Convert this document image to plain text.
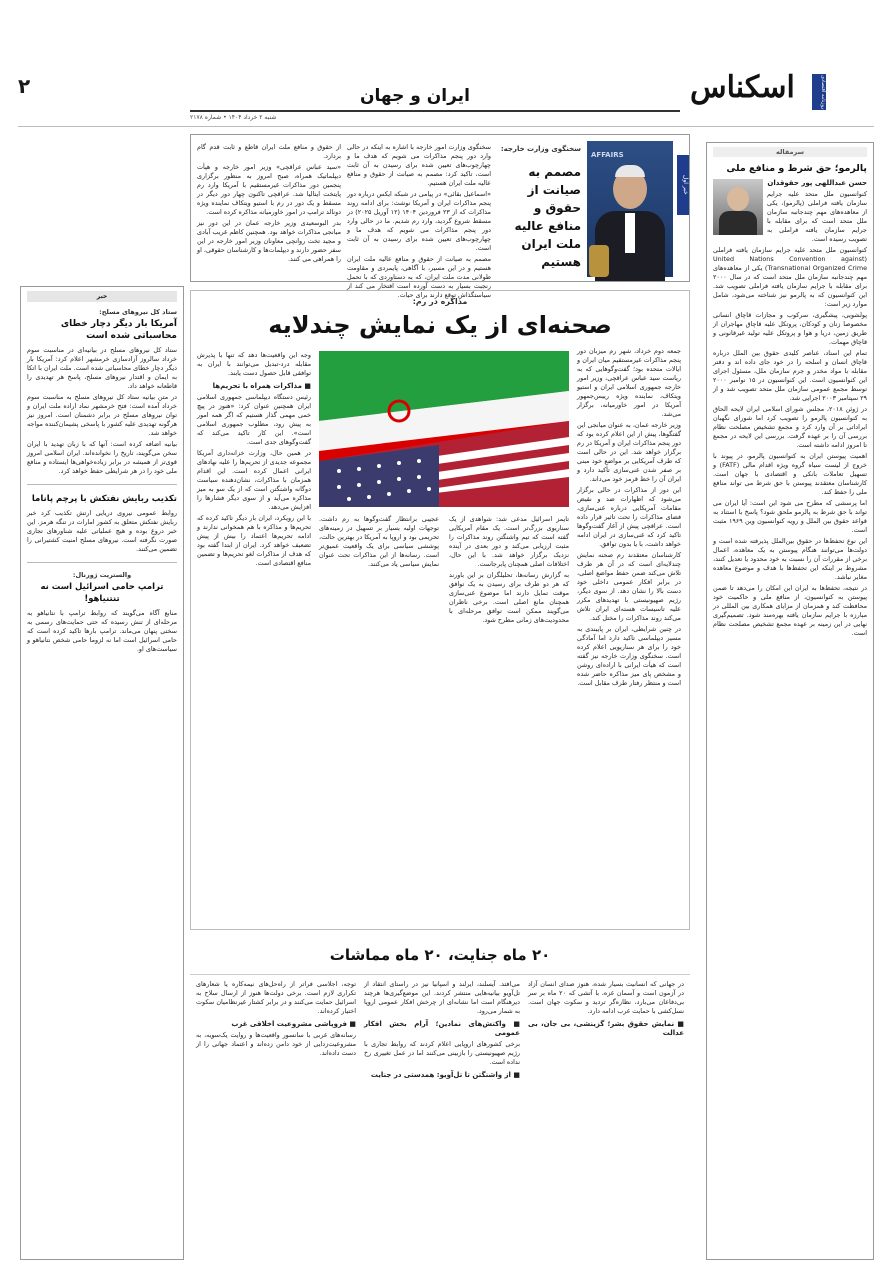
۲	اسکناس	روزنامه اقتصادی
ایران و جهان
شنبه ۲ خرداد ۱۴۰۴ • شماره ۲۱۷۸
سرمقاله
پالرمو؛ حق شرط و منافع ملی
حسن عبداللهی پور حقوقدان
کنوانسیون ملل متحد علیه جرایم سازمان یافته فراملی (پالرمو)، یکی از معاهده‌های مهم چندجانبه سازمان ملل متحد است که برای مقابله با جرایم سازمان یافته فراملی به تصویب رسیده است.

کنوانسیون ملل متحد علیه جرایم سازمان یافته فراملی (United Nations Convention against Transnational Organized Crime) یکی از معاهده‌های مهم چندجانبه سازمان ملل متحد است که در سال ۲۰۰۰ برای مقابله با جرایم سازمان یافته فراملی تصویب شد. این کنوانسیون که به پالرمو نیز شناخته می‌شود، شامل موارد زیر است:

پولشویی، پیشگیری، سرکوب و مجازات قاچاق انسانی مخصوصا زنان و کودکان، پروتکل علیه قاچاق مهاجران از طریق زمین، دریا و هوا و پروتکل علیه تولید غیرقانونی و قاچاق مهمات.

تمام این اسناد، عناصر کلیدی حقوق بین الملل درباره قاچاق انسان و اسلحه را در خود جای داده اند و دفتر مقابله با مواد مخدر و جرم سازمان ملل، مسئول اجرای این کنوانسیون است. این کنوانسیون در ۱۵ نوامبر ۲۰۰۰ توسط مجمع عمومی سازمان ملل متحد تصویب شد و از ۲۹ سپتامبر ۲۰۰۳ اجرایی شد.

در ژوئن ۲۰۱۸، مجلس شورای اسلامی ایران لایحه الحاق به کنوانسیون پالرمو را تصویب کرد اما شورای نگهبان ایراداتی بر آن وارد کرد و مجمع تشخیص مصلحت نظام بررسی آن را بر عهده گرفت. بررسی این لایحه در مجمع تا امروز ادامه داشته است.

اهمیت پیوستن ایران به کنوانسیون پالرمو، در پیوند با خروج از لیست سیاه گروه ویژه اقدام مالی (FATF) و تسهیل تعاملات بانکی و اقتصادی با جهان است. کارشناسان معتقدند پیوستن با حق شرط می تواند منافع ملی را حفظ کند.

اما پرسشی که مطرح می شود این است: آیا ایران می تواند با حق شرط به پالرمو ملحق شود؟ پاسخ با استناد به قواعد حقوق بین الملل و رویه کنوانسیون وین ۱۹۶۹ مثبت است.

این نوع تحفظ‌ها در حقوق بین‌الملل پذیرفته شده است و دولت‌ها می‌توانند هنگام پیوستن به یک معاهده، اعمال برخی از مقررات آن را نسبت به خود محدود یا تعدیل کنند، مشروط بر اینکه این تحفظ‌ها با هدف و موضوع معاهده مغایر نباشد.

در نتیجه، تحفظ‌ها به ایران این امکان را می‌دهد تا ضمن پیوستن به کنوانسیون، از منافع ملی و حاکمیت خود محافظت کند و همزمان از مزایای همکاری بین المللی در مبارزه با جرایم سازمان یافته بهره‌مند شود. تصمیم‌گیری نهایی در این زمینه بر عهده مجمع تشخیص مصلحت نظام است.

خبر اول
AFFAIRS
سخنگوی وزارت خارجه:
مصمم به صیانت از حقوق و منافع عالیه ملت ایران هستیم

سخنگوی وزارت امور خارجه با اشاره به اینکه در حالی وارد دور پنجم مذاکرات می شویم که هدف ما و چهارچوب‌های تعیین شده برای رسیدن به آن ثابت است، تاکید کرد: مصمم به صیانت از حقوق و منافع عالیه ملت ایران هستیم.

«اسماعیل بقائی» در پیامی در شبکه ایکس درباره دور پنجم مذاکرات ایران و آمریکا نوشت: برای ادامه روند مذاکرات که از ۲۳ فروردین ۱۴۰۴ (۱۲ آوریل ۲۰۲۵) در مسقط شروع گردید، وارد رم شدیم. ما در حالی وارد دور پنجم مذاکرات می شویم که هدف ما و چهارچوب‌های تعیین شده برای رسیدن به آن ثابت است.

مصمم به صیانت از حقوق و منافع عالیه ملت ایران هستیم و در این مسیر، با آگاهی، پایمردی و مقاومت طولانی مدت ملت ایران، که به دستاوردی که با تحمل رنجبت بسیار به دست آورده است افتخار می کند از سیاستگذاش توقع دارند برای حیات.

از حقوق و منافع ملت ایران قاطع و ثابت قدم گام بردارد.

«سید عباس عراقچی» وزیر امور خارجه و هیأت دیپلماتیک همراه، صبح امروز به منظور برگزاری پنجمین دور مذاکرات غیرمستقیم با آمریکا وارد رم پایتخت ایتالیا شد. عراقچی تاکنون چهار دور دیگر در مسقط و یک دور در رم با استیو ویتکاف نماینده ویژه دونالد ترامپ در امور خاورمیانه مذاکره کرده است.

بدر البوسعیدی وزیر خارجه عمان در این دور نیز میانجی مذاکرات خواهد بود. همچنین کاظم غریب آبادی و مجید تخت روانچی معاونان وزیر امور خارجه در این سفر حضور دارند و دیپلمات‌ها و کارشناسان حقوقی، او را همراهی می کنند.

مذاکره در رم:
صحنه‌ای از یک نمایش چندلایه

جمعه دوم خرداد، شهر رم میزبان دور پنجم مذاکرات غیرمستقیم میان ایران و ایالات متحده بود؛ گفت‌وگوهایی که به ریاست سید عباس عراقچی، وزیر امور خارجه جمهوری اسلامی ایران و استیو ویتکاف، نماینده ویژه رییس‌جمهور آمریکا در امور خاورمیانه، برگزار می‌شد.

وزیر خارجه عمان، به عنوان میانجی این گفتگوها، پیش از این اعلام کرده بود که دور پنجم مذاکرات ایران و آمریکا در رم برگزار خواهد شد. این در حالی است که طرف آمریکایی بر مواضع خود مبنی بر صفر شدن غنی‌سازی تأکید دارد و ایران آن را خط قرمز خود می‌داند.

این دور از مذاکرات در حالی برگزار می‌شود که اظهارات ضد و نقیض مقامات آمریکایی درباره غنی‌سازی، فضای مذاکرات را تحت تاثیر قرار داده است. عراقچی پیش از آغاز گفت‌وگوها تاکید کرد که غنی‌سازی در ایران ادامه خواهد داشت، با یا بدون توافق.

کارشناسان معتقدند رم صحنه نمایش چندلایه‌ای است که در آن هر طرف تلاش می‌کند ضمن حفظ مواضع اصلی، در برابر افکار عمومی داخلی خود دست بالا را نشان دهد. از سوی دیگر، رژیم صهیونیستی با تهدیدهای مکرر علیه تاسیسات هسته‌ای ایران تلاش می‌کند روند مذاکرات را مختل کند.

در چنین شرایطی، ایران بر پایبندی به مسیر دیپلماسی تاکید دارد اما آمادگی خود را برای هر سناریویی اعلام کرده است. سخنگوی وزارت خارجه نیز گفته است که هیأت ایرانی با اراده‌ای روشن و مشخص پای میز مذاکره حاضر شده است و منتظر رفتار طرف مقابل است.

تایمز اسرائیل مدعی شد: شواهدی از یک سناریوی بزرگ‌تر است. یک مقام آمریکایی گفته است که تیم واشنگتن روند مذاکرات را مثبت ارزیابی می‌کند و دور بعدی در آینده نزدیک برگزار خواهد شد. با این حال، اختلافات اصلی همچنان پابرجاست.

به گزارش رسانه‌ها، تحلیلگران بر این باورند که هر دو طرف برای رسیدن به یک توافق موقت تمایل دارند اما موضوع غنی‌سازی همچنان مانع اصلی است. برخی ناظران می‌گویند ممکن است توافق مرحله‌ای با محدودیت‌های زمانی مطرح شود.

عجیبی برانتظار گفت‌وگوها به رم داشت. توجهات اولیه بسیار بر تسهیل در زمینه‌های تحریمی بود و اروپا به آمریکا در بهترین حالت، پوششی سیاسی برای یک واقعیت عمیق‌تر است. رسانه‌ها از این مذاکرات تحت عنوان نمایش سیاسی یاد می‌کنند.

وجه این واقعیت‌ها دهد که تنها با پذیرش مقابله درد-تبدیل می‌توانند با ایران به توافقی قابل حصول دست یابند.

■ مذاکرات همراه با تحریم‌ها

رئیس دستگاه دیپلماسی جمهوری اسلامی ایران همچنین عنوان کرد: «هنوز در پیچ خمی مهمی گذار هستیم که اگر همه امور به پیش رود، مطلوب جمهوری اسلامی است». این کار تاکید می‌کند که گفت‌وگوهای جدی است.

در همین حال، وزارت خزانه‌داری آمریکا مجموعه جدیدی از تحریم‌ها را علیه نهادهای ایرانی اعمال کرده است. این اقدام همزمان با مذاکرات، نشان‌دهنده سیاست دوگانه واشنگتن است که از یک سو به میز مذاکره می‌آید و از سوی دیگر فشارها را افزایش می‌دهد.

با این رویکرد، ایران بار دیگر تاکید کرده که تحریم‌ها و مذاکره با هم همخوانی ندارند و ادامه تحریم‌ها اعتماد را بیش از پیش تضعیف خواهد کرد. ایران از ابتدا گفته بود که هدف از مذاکرات لغو تحریم‌ها و تضمین منافع اقتصادی است.

۲۰ ماه جنایت، ۲۰ ماه مماشات

در جهانی که انسانیت بسیار شده، هنوز صدای انسان آزاد در آزمون است و آسمان غزه، با آتشی که ۲۰ ماه بر سر بی‌دفاعان می‌بارد، نظاره‌گر تردید و سکوت جهان است. نسل‌کشی با حمایت غرب ادامه دارد.

■ نمایش حقوق بشر؛ گزینشی، بی جان، بی عدالت

می‌افتد. آیسلند، ایرلند و اسپانیا نیز در راستای انتقاد از تل‌آویو بیانیه‌هایی منتشر کردند. این موضع‌گیری‌ها هرچند دیرهنگام است اما نشانه‌ای از چرخش افکار عمومی اروپا به شمار می‌رود.

■ واکنش‌های نمادین؛ آرام بخش افکار عمومی

برخی کشورهای اروپایی اعلام کردند که روابط تجاری با رژیم صهیونیستی را بازبینی می‌کنند اما در عمل تغییری رخ نداده است.

■ از واشنگتن تا تل‌آویو: همدستی در جنایت

توجه، اجلاسی فراتر از راه‌حل‌های نیمه‌کاره یا شعارهای تکراری لازم است. برخی دولت‌ها هنوز از ارسال سلاح به اسرائیل حمایت می‌کنند و در برابر کشتار غیرنظامیان سکوت اختیار کرده‌اند.

■ فروپاشی مشروعیت اخلاقی غرب

رسانه‌های غربی با سانسور واقعیت‌ها و روایت یک‌سویه، به مشروعیت‌زدایی از خود دامن زده‌اند و اعتماد جهانی را از دست داده‌اند.

خبر
ستاد کل نیروهای مسلح:
آمریکا بار دیگر دچار خطای محاسباتی شده است

ستاد کل نیروهای مسلح در بیانیه‌ای در مناسبت سوم خرداد سالروز آزادسازی خرمشهر اعلام کرد: آمریکا بار دیگر دچار خطای محاسباتی شده است. ملت ایران با اتکا به ایمان و اقتدار نیروهای مسلح، پاسخ هر تهدیدی را قاطعانه خواهد داد.

در متن بیانیه ستاد کل نیروهای مسلح به مناسبت سوم خرداد آمده است: فتح خرمشهر نماد اراده ملت ایران و توان نیروهای مسلح در برابر دشمنان است. امروز نیز هرگونه تهدیدی علیه کشور با پاسخی پشیمان‌کننده مواجه خواهد شد.

بیانیه اضافه کرده است: آنها که با زبان تهدید با ایران سخن می‌گویند، تاریخ را نخوانده‌اند. ایران اسلامی امروز قوی‌تر از همیشه در برابر زیاده‌خواهی‌ها ایستاده و منافع ملی خود را در هر شرایطی حفظ خواهد کرد.

تکذیب ربایش نفتکش با پرچم پاناما

روابط عمومی نیروی دریایی ارتش تکذیب کرد خبر ربایش نفتکش متعلق به کشور امارات در تنگه هرمز. این خبر دروغ بوده و هیچ عملیاتی علیه شناورهای تجاری صورت نگرفته است. نیروهای مسلح امنیت کشتیرانی را تضمین می‌کنند.

والستریت ژورنال:
ترامپ حامی اسرائیل است نه تنتنیاهو!

منابع آگاه می‌گویند که روابط ترامپ با نتانیاهو به مرحله‌ای از تنش رسیده که حتی حمایت‌های رسمی به سختی پنهان می‌ماند. ترامپ بارها تاکید کرده است که حامی اسرائیل است اما نه لزوما حامی شخص نتانیاهو و سیاست‌های او.
